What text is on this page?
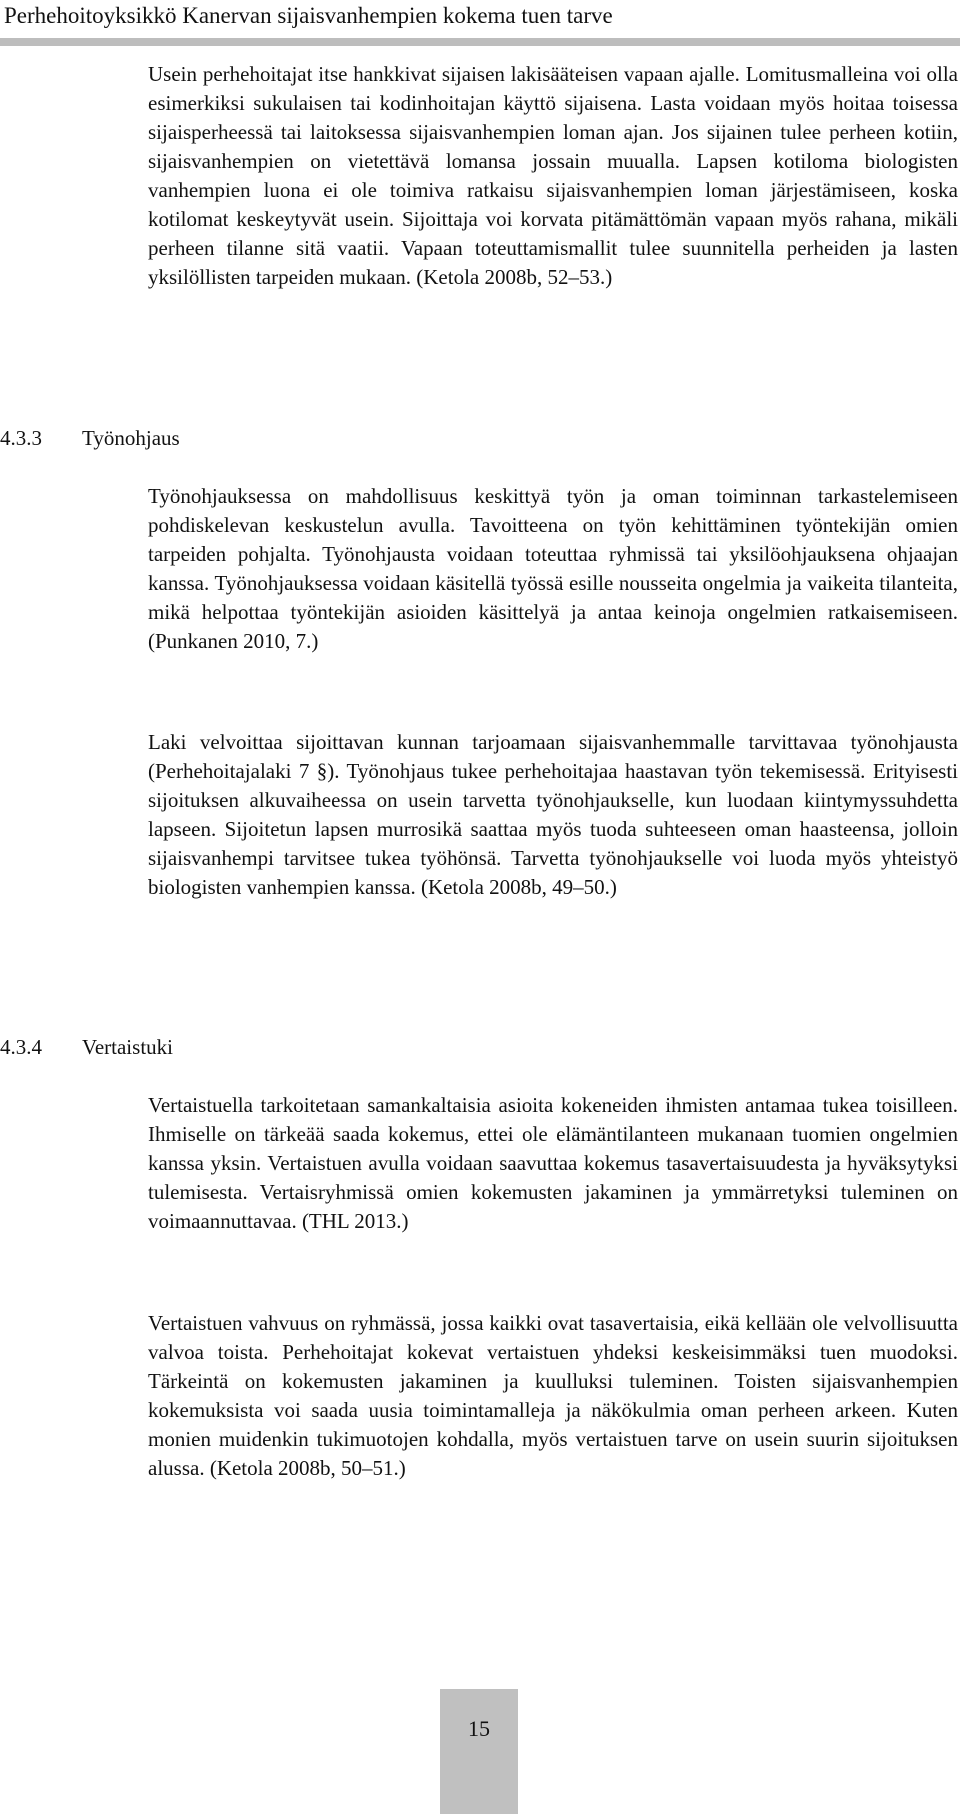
Perhehoitoyksikkö Kanervan sijaisvanhempien kokema tuen tarve

Usein perhehoitajat itse hankkivat sijaisen lakisääteisen vapaan ajalle. Lomitusmalleina voi olla esimerkiksi sukulaisen tai kodinhoitajan käyttö sijaisena. Lasta voidaan myös hoitaa toisessa sijaisperheessä tai laitoksessa sijaisvanhempien loman ajan. Jos sijainen tulee perheen kotiin, sijaisvanhempien on vietettävä lomansa jossain muualla. Lapsen kotiloma biologisten vanhempien luona ei ole toimiva ratkaisu sijaisvanhempien loman järjestämiseen, koska kotilomat keskeytyvät usein. Sijoittaja voi korvata pitämättömän vapaan myös rahana, mikäli perheen tilanne sitä vaatii. Vapaan toteuttamismallit tulee suunnitella perheiden ja lasten yksilöllisten tarpeiden mukaan. (Ketola 2008b, 52–53.)

4.3.3 Työnohjaus

Työnohjauksessa on mahdollisuus keskittyä työn ja oman toiminnan tarkastelemiseen pohdiskelevan keskustelun avulla. Tavoitteena on työn kehittäminen työntekijän omien tarpeiden pohjalta. Työnohjausta voidaan toteuttaa ryhmissä tai yksilöohjauksena ohjaajan kanssa. Työnohjauksessa voidaan käsitellä työssä esille nousseita ongelmia ja vaikeita tilanteita, mikä helpottaa työntekijän asioiden käsittelyä ja antaa keinoja ongelmien ratkaisemiseen. (Punkanen 2010, 7.)

Laki velvoittaa sijoittavan kunnan tarjoamaan sijaisvanhemmalle tarvittavaa työnohjausta (Perhehoitajalaki 7 §). Työnohjaus tukee perhehoitajaa haastavan työn tekemisessä. Erityisesti sijoituksen alkuvaiheessa on usein tarvetta työnohjaukselle, kun luodaan kiintymyssuhdetta lapseen. Sijoitetun lapsen murrosikä saattaa myös tuoda suhteeseen oman haasteensa, jolloin sijaisvanhempi tarvitsee tukea työhönsä. Tarvetta työnohjaukselle voi luoda myös yhteistyö biologisten vanhempien kanssa. (Ketola 2008b, 49–50.)

4.3.4 Vertaistuki

Vertaistuella tarkoitetaan samankaltaisia asioita kokeneiden ihmisten antamaa tukea toisilleen. Ihmiselle on tärkeää saada kokemus, ettei ole elämäntilanteen mukanaan tuomien ongelmien kanssa yksin. Vertaistuen avulla voidaan saavuttaa kokemus tasavertaisuudesta ja hyväksytyksi tulemisesta. Vertaisryhmissä omien kokemusten jakaminen ja ymmärretyksi tuleminen on voimaannuttavaa. (THL 2013.)

Vertaistuen vahvuus on ryhmässä, jossa kaikki ovat tasavertaisia, eikä kellään ole velvollisuutta valvoa toista. Perhehoitajat kokevat vertaistuen yhdeksi keskeisimmäksi tuen muodoksi. Tärkeintä on kokemusten jakaminen ja kuulluksi tuleminen. Toisten sijaisvanhempien kokemuksista voi saada uusia toimintamalleja ja näkökulmia oman perheen arkeen. Kuten monien muidenkin tukimuotojen kohdalla, myös vertaistuen tarve on usein suurin sijoituksen alussa. (Ketola 2008b, 50–51.)

15
